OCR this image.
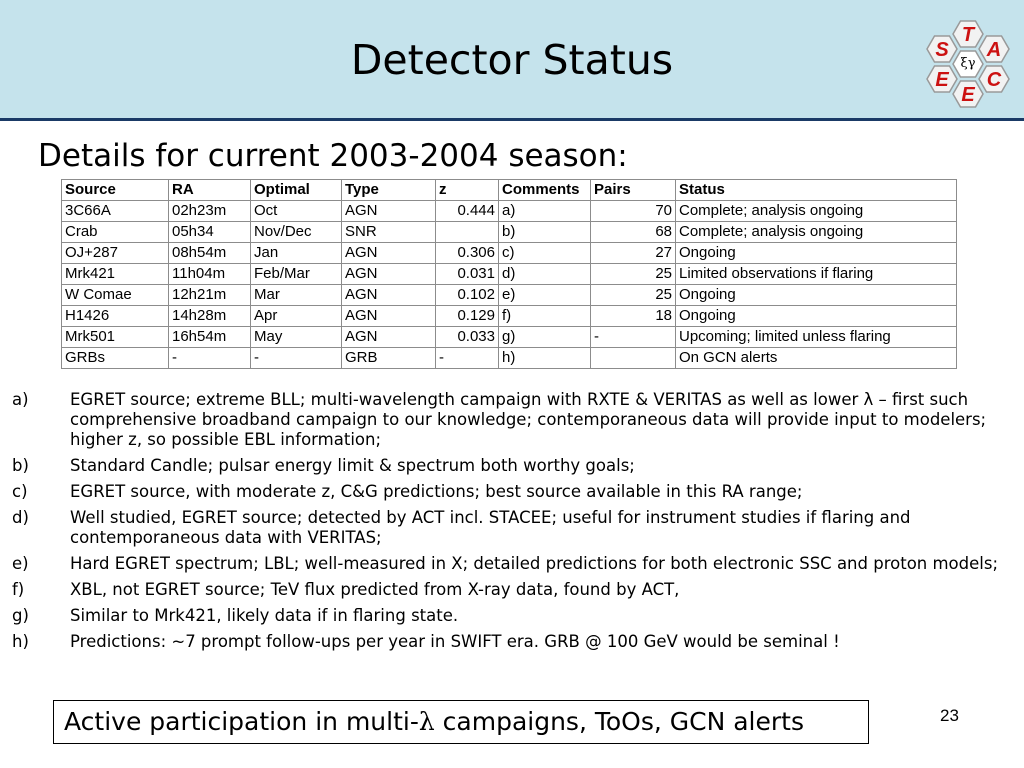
Detector Status
T
S A
E C
E
ξγ
Details for current 2003-2004 season:
Source	RA	Optimal	Type	z	Comments	Pairs	Status
3C66A	02h23m	Oct	AGN	0.444	a)	70	Complete; analysis ongoing
Crab	05h34	Nov/Dec	SNR		b)	68	Complete; analysis ongoing
OJ+287	08h54m	Jan	AGN	0.306	c)	27	Ongoing
Mrk421	11h04m	Feb/Mar	AGN	0.031	d)	25	Limited observations if flaring
W Comae	12h21m	Mar	AGN	0.102	e)	25	Ongoing
H1426	14h28m	Apr	AGN	0.129	f)	18	Ongoing
Mrk501	16h54m	May	AGN	0.033	g)	-	Upcoming; limited unless flaring
GRBs	-	-	GRB	-	h)		On GCN alerts
a)	EGRET source; extreme BLL; multi-wavelength campaign with RXTE & VERITAS as well as lower λ – first such comprehensive broadband campaign to our knowledge; contemporaneous data will provide input to modelers; higher z, so possible EBL information;
b)	Standard Candle; pulsar energy limit & spectrum both worthy goals;
c)	EGRET source, with moderate z, C&G predictions; best source available in this RA range;
d)	Well studied, EGRET source; detected by ACT incl. STACEE; useful for instrument studies if flaring and contemporaneous data with VERITAS;
e)	Hard EGRET spectrum; LBL; well-measured in X; detailed predictions for both electronic SSC and proton models;
f)	XBL, not EGRET source; TeV flux predicted from X-ray data, found by ACT,
g)	Similar to Mrk421, likely data if in flaring state.
h)	Predictions: ~7 prompt follow-ups per year in SWIFT era. GRB @ 100 GeV would be seminal !
Active participation in multi-λ campaigns, ToOs, GCN alerts	23
